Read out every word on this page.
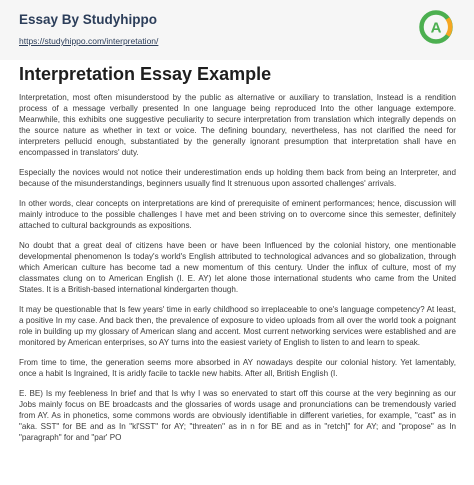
Essay By Studyhippo
https://studyhippo.com/interpretation/
A
Interpretation Essay Example

Interpretation, most often misunderstood by the public as alternative or auxiliary to translation, Instead is a rendition process of a message verbally presented In one language being reproduced Into the other language extempore. Meanwhile, this exhibits one suggestive peculiarity to secure interpretation from translation which integrally depends on the source nature as whether in text or voice. The defining boundary, nevertheless, has not clarified the need for interpreters pellucid enough, substantiated by the generally ignorant presumption that interpretation shall have en encompassed in translators' duty.

Especially the novices would not notice their underestimation ends up holding them back from being an Interpreter, and because of the misunderstandings, beginners usually find It strenuous upon assorted challenges' arrivals.

In other words, clear concepts on interpretations are kind of prerequisite of eminent performances; hence, discussion will mainly introduce to the possible challenges I have met and been striving on to overcome since this semester, definitely attached to cultural backgrounds as expositions.

No doubt that a great deal of citizens have been or have been Influenced by the colonial history, one mentionable developmental phenomenon Is today's world's English attributed to technological advances and so globalization, through which American culture has become tad a new momentum of this century. Under the influx of culture, most of my classmates clung on to American English (I. E. AY) let alone those international students who came from the United States. It is a British-based international kindergarten though.

It may be questionable that Is few years' time in early childhood so irreplaceable to one's language competency? At least, a positive In my case. And back then, the prevalence of exposure to video uploads from all over the world took a poignant role in building up my glossary of American slang and accent. Most current networking services were established and are monitored by American enterprises, so AY turns into the easiest variety of English to listen to and learn to speak.

From time to time, the generation seems more absorbed in AY nowadays despite our colonial history. Yet lamentably, once a habit Is Ingrained, It is aridly facile to tackle new habits. After all, British English (I.

E. BE) Is my feebleness In brief and that Is why I was so enervated to start off this course at the very beginning as our Jobs mainly focus on BE broadcasts and the glossaries of words usage and pronunciations can be tremendously varied from AY. As in phonetics, some commons words are obviously identifiable in different varieties, for example, "cast" as in "aka. SST" for BE and as In "kl'SST" for AY; "threaten" as in n for BE and as in "retch]" for AY; and "propose" as In "paragraph" for and "par' PO
